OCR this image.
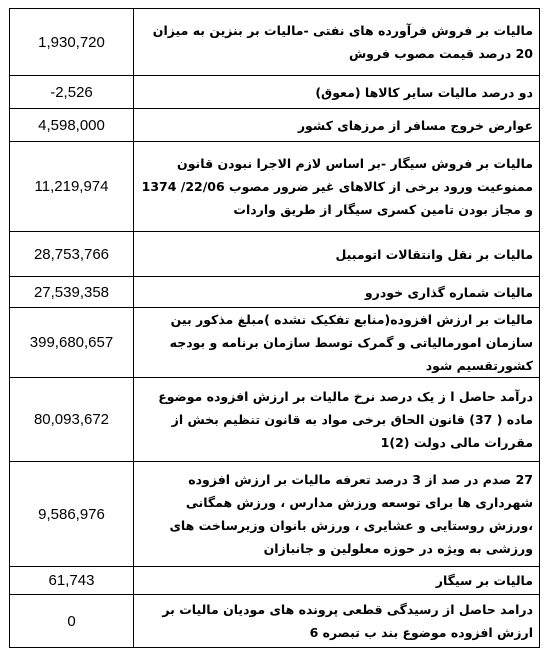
1,930,720	مالیات بر فروش فرآورده های نفتی -مالیات بر بنزین به میزان 20 درصد قیمت مصوب فروش
-2,526	دو درصد مالیات سایر کالاها (معوق)
4,598,000	عوارض خروج مسافر از مرزهای کشور
11,219,974	مالیات بر فروش سیگار -بر اساس لازم الاجرا نبودن قانون ممنوعیت ورود برخی از کالاهای غیر ضرور مصوب 22/06/ 1374 و مجاز بودن تامین کسری سیگار از طریق واردات
28,753,766	مالیات بر نقل وانتقالات اتومبیل
27,539,358	مالیات شماره گذاری خودرو
399,680,657	مالیات بر ارزش افزوده(منابع تفکیک نشده )مبلغ مذکور بین سازمان امورمالیاتی و گمرک توسط سازمان برنامه و بودجه کشورتقسیم شود
80,093,672	درآمد حاصل ا ز یک درصد نرخ مالیات بر ارزش افزوده موضوع ماده ( 37) قانون الحاق برخی مواد به قانون تنظیم بخش از مقررات مالی دولت (2)1
9,586,976	27 صدم در صد از 3 درصد تعرفه مالیات بر ارزش افزوده شهرداری ها برای توسعه ورزش مدارس ، ورزش همگانی ،ورزش روستایی و عشایری ، ورزش بانوان وزیرساخت های ورزشی به ویژه در حوزه معلولین و جانبازان
61,743	مالیات بر سیگار
0	درامد حاصل از رسیدگی قطعی پرونده های مودیان مالیات بر ارزش افزوده موضوع بند ب تبصره 6
